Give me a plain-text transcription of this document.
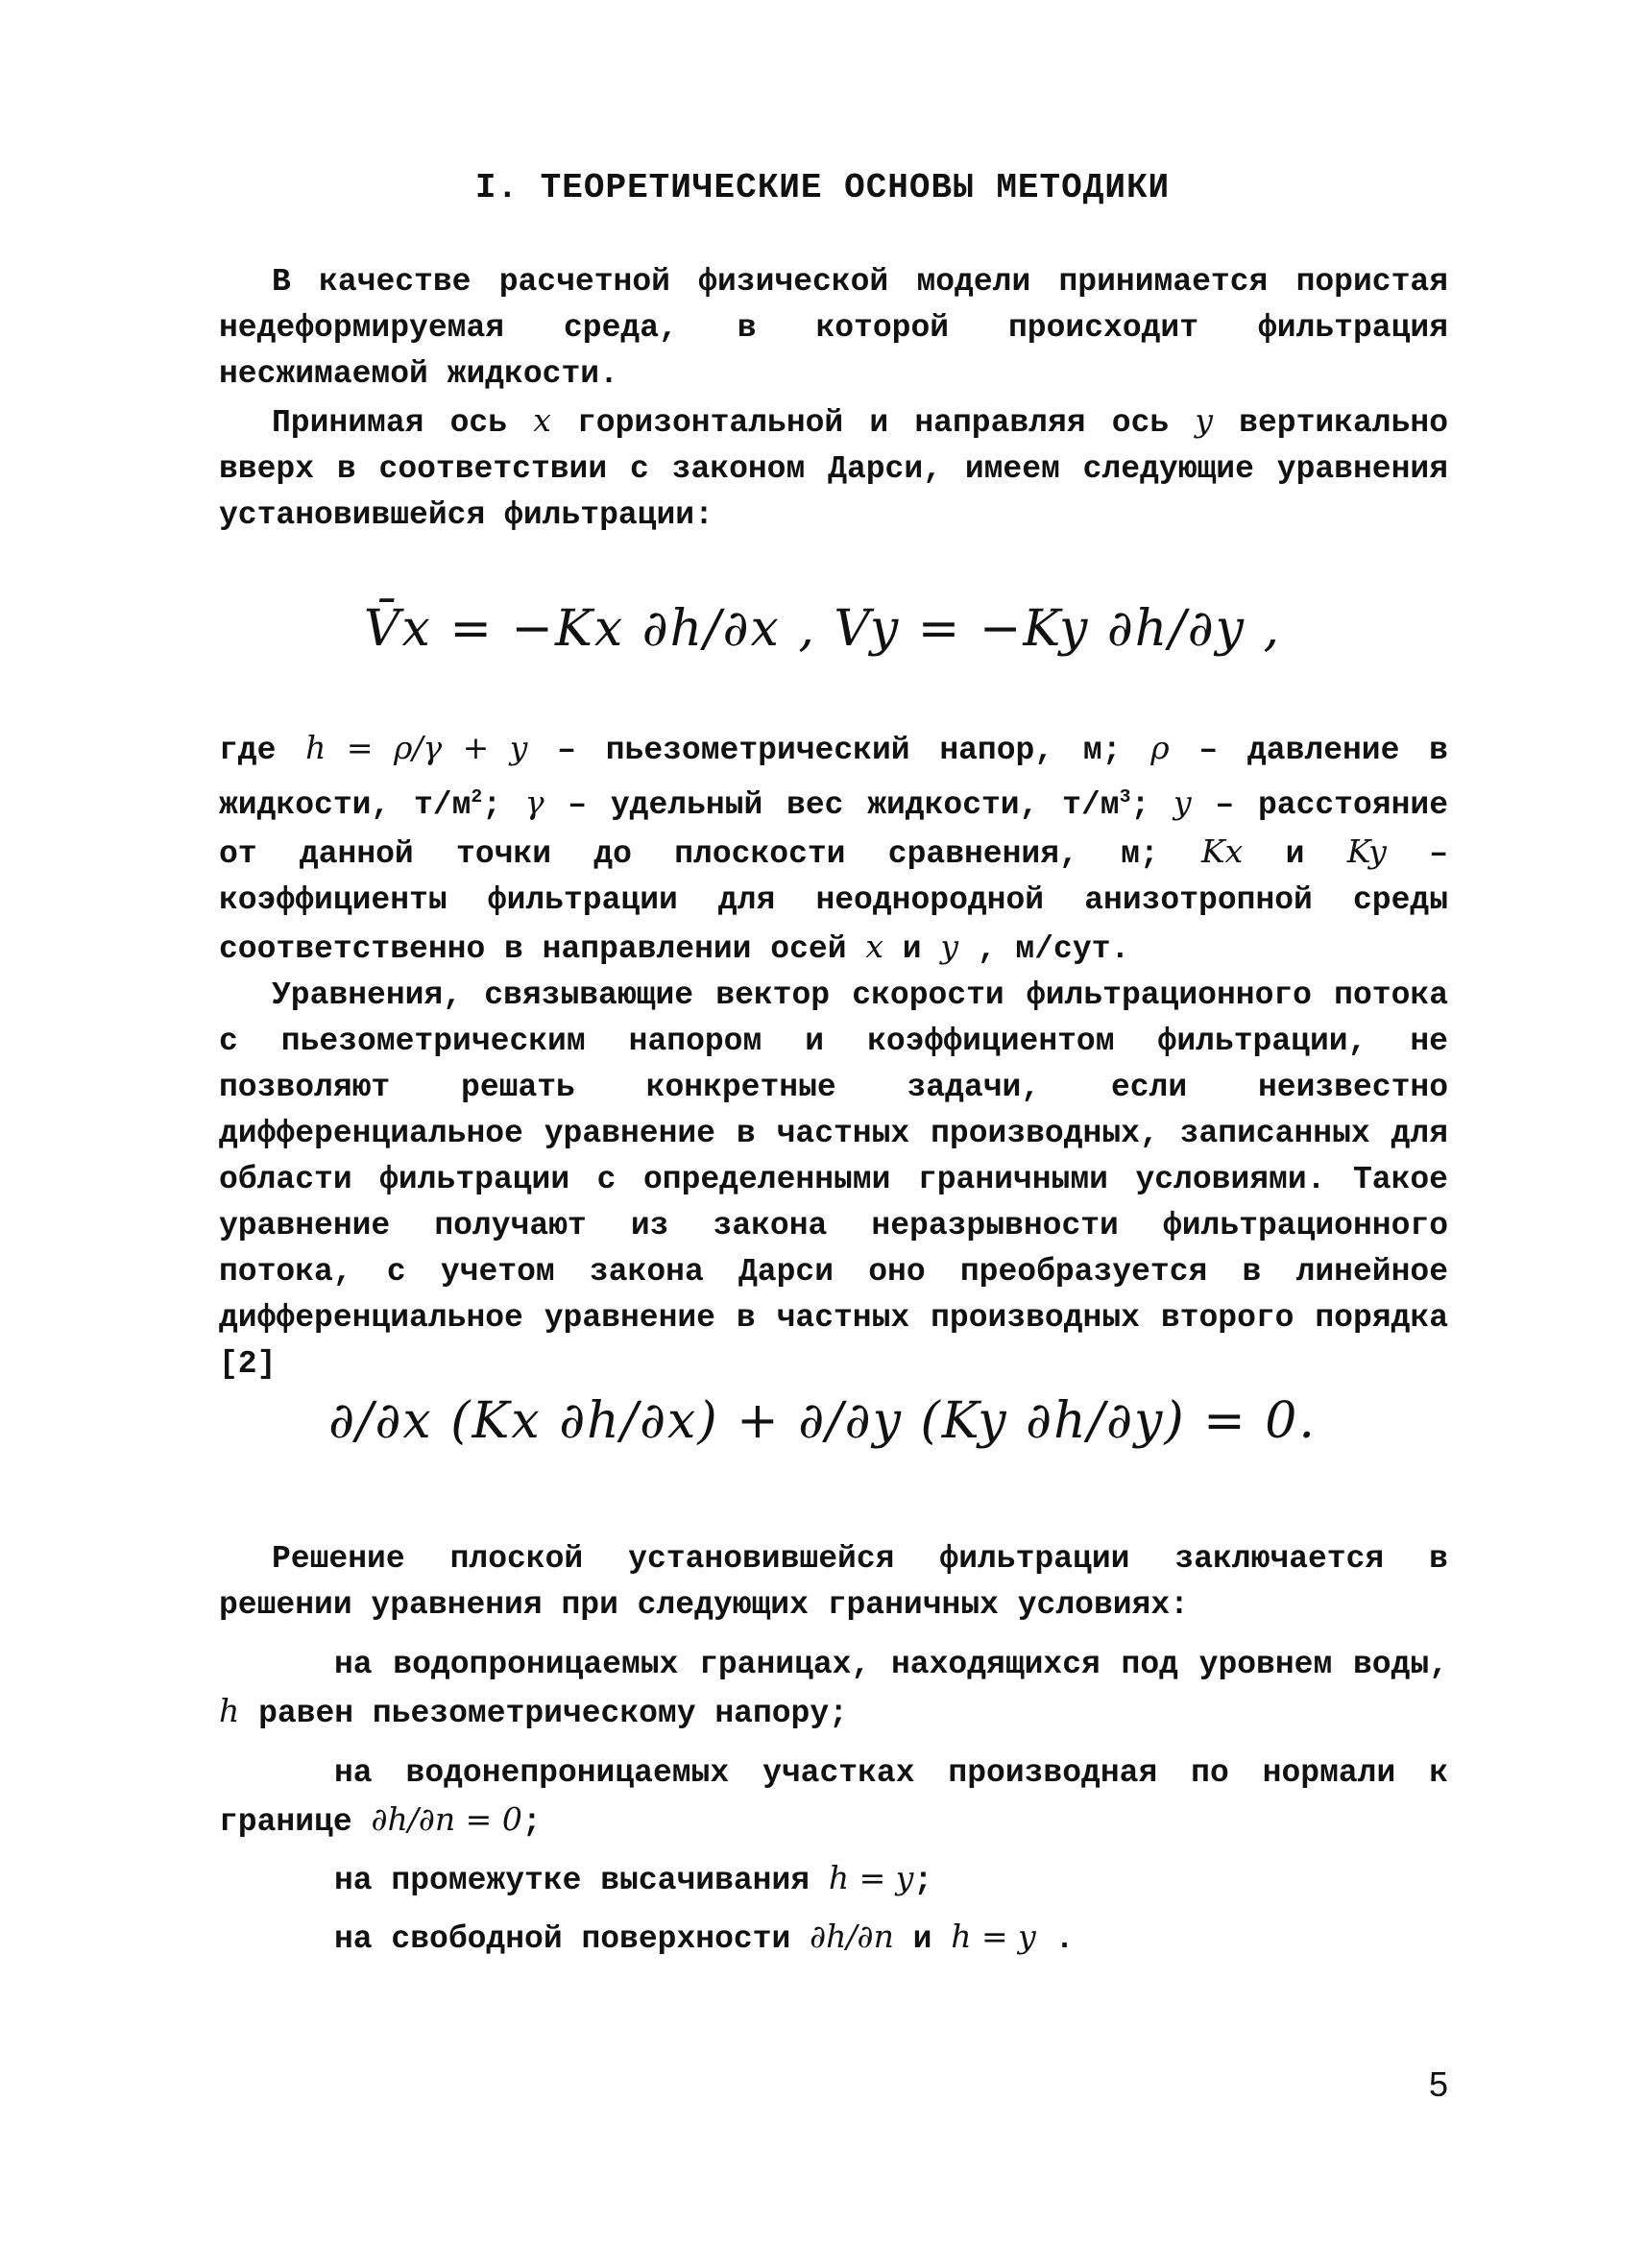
I. ТЕОРЕТИЧЕСКИЕ ОСНОВЫ МЕТОДИКИ

В качестве расчетной физической модели принимается пористая недеформируемая среда, в которой происходит фильтрация несжимаемой жидкости.

Принимая ось x горизонтальной и направляя ось y вертикально вверх в соответствии с законом Дарси, имеем следующие уравнения установившейся фильтрации:

V̄x = −Kx ∂h/∂x , Vy = −Ky ∂h/∂y ,

где h = ρ/γ + y – пьезометрический напор, м; ρ – давление в жидкости, $т/м^2$; γ – удельный вес жидкости, $т/м^3$; y – расстояние от данной точки до плоскости сравнения, м; Kx и Ky – коэффициенты фильтрации для неоднородной анизотропной среды соответственно в направлении осей x и y , м/сут.

Уравнения, связывающие вектор скорости фильтрационного потока с пьезометрическим напором и коэффициентом фильтрации, не позволяют решать конкретные задачи, если неизвестно дифференциальное уравнение в частных производных, записанных для области фильтрации с определенными граничными условиями. Такое уравнение получают из закона неразрывности фильтрационного потока, с учетом закона Дарси оно преобразуется в линейное дифференциальное уравнение в частных производных второго порядка [2]

∂/∂x (Kx ∂h/∂x) + ∂/∂y (Ky ∂h/∂y) = 0.

Решение плоской установившейся фильтрации заключается в решении уравнения при следующих граничных условиях:

на водопроницаемых границах, находящихся под уровнем воды, h равен пьезометрическому напору;

на водонепроницаемых участках производная по нормали к границе ∂h/∂n = 0;

на промежутке высачивания h = y;

на свободной поверхности ∂h/∂n и h = y .

5
